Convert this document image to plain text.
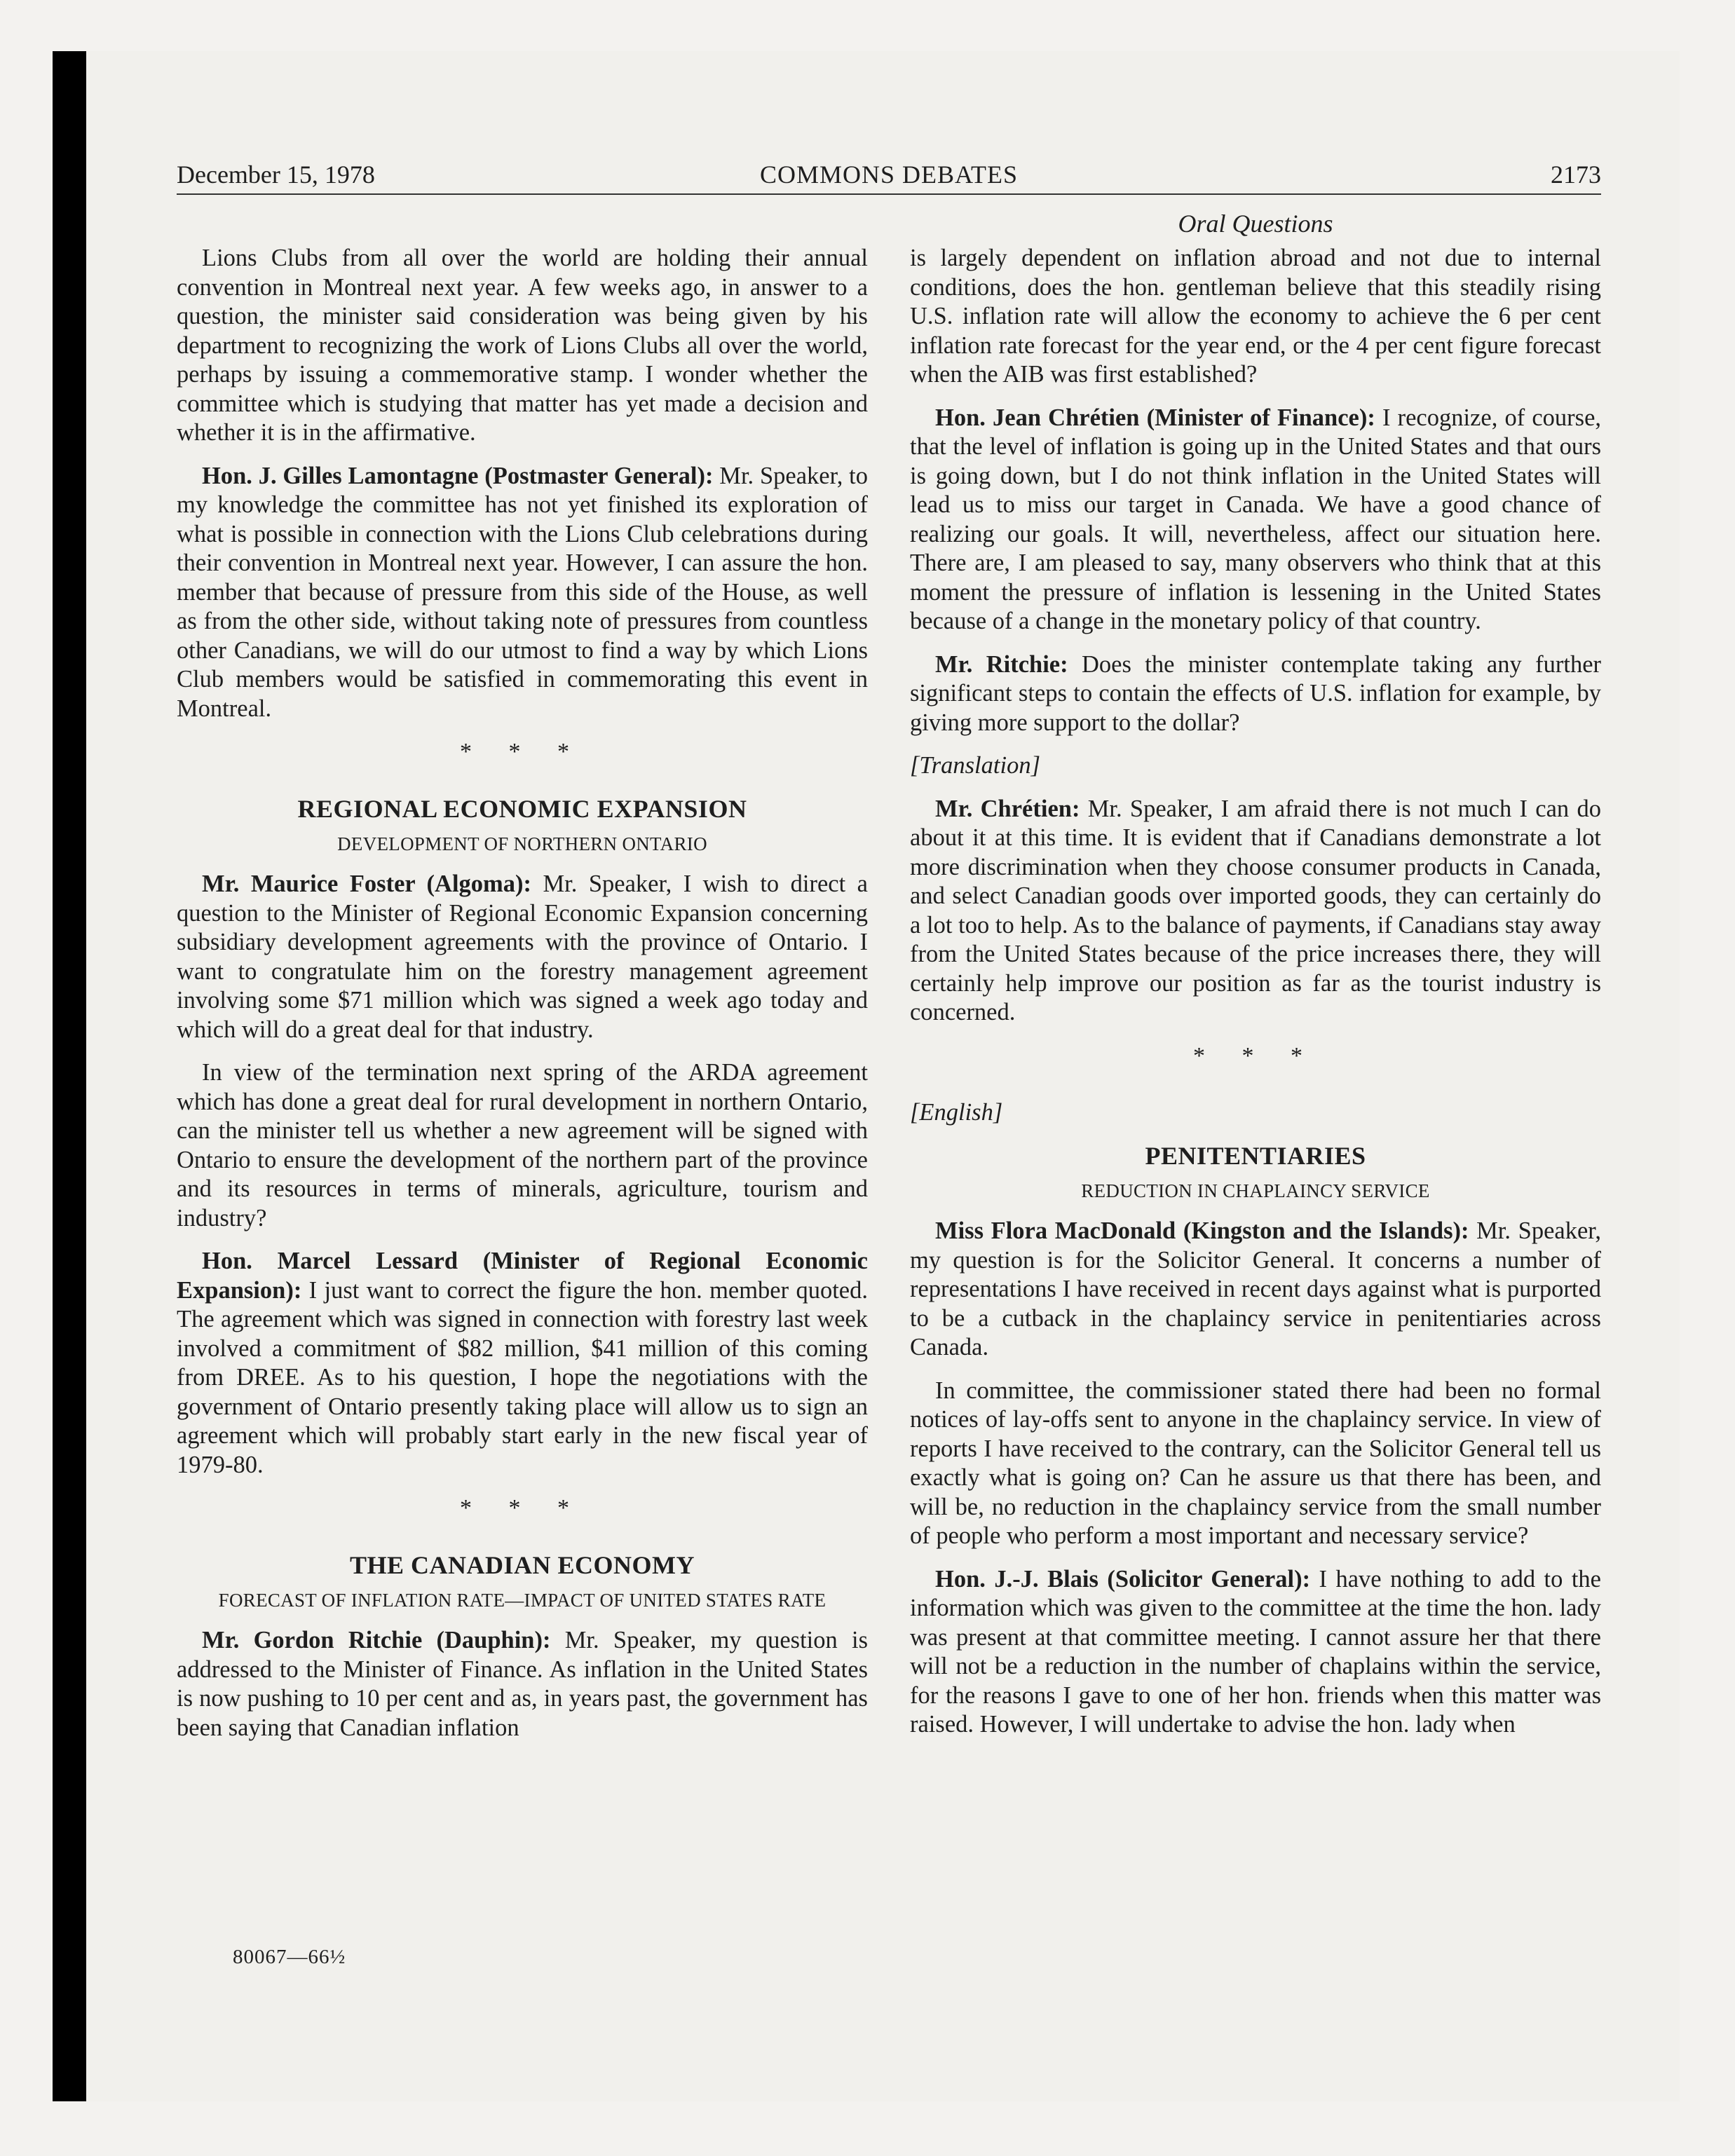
December 15, 1978	COMMONS DEBATES	2173
Oral Questions

Lions Clubs from all over the world are holding their annual convention in Montreal next year. A few weeks ago, in answer to a question, the minister said consideration was being given by his department to recognizing the work of Lions Clubs all over the world, perhaps by issuing a commemorative stamp. I wonder whether the committee which is studying that matter has yet made a decision and whether it is in the affirmative.

Hon. J. Gilles Lamontagne (Postmaster General): Mr. Speaker, to my knowledge the committee has not yet finished its exploration of what is possible in connection with the Lions Club celebrations during their convention in Montreal next year. However, I can assure the hon. member that because of pressure from this side of the House, as well as from the other side, without taking note of pressures from countless other Canadians, we will do our utmost to find a way by which Lions Club members would be satisfied in commemorating this event in Montreal.

* * *
REGIONAL ECONOMIC EXPANSION
DEVELOPMENT OF NORTHERN ONTARIO

Mr. Maurice Foster (Algoma): Mr. Speaker, I wish to direct a question to the Minister of Regional Economic Expansion concerning subsidiary development agreements with the province of Ontario. I want to congratulate him on the forestry management agreement involving some $71 million which was signed a week ago today and which will do a great deal for that industry.

In view of the termination next spring of the ARDA agreement which has done a great deal for rural development in northern Ontario, can the minister tell us whether a new agreement will be signed with Ontario to ensure the development of the northern part of the province and its resources in terms of minerals, agriculture, tourism and industry?

Hon. Marcel Lessard (Minister of Regional Economic Expansion): I just want to correct the figure the hon. member quoted. The agreement which was signed in connection with forestry last week involved a commitment of $82 million, $41 million of this coming from DREE. As to his question, I hope the negotiations with the government of Ontario presently taking place will allow us to sign an agreement which will probably start early in the new fiscal year of 1979-80.

* * *
THE CANADIAN ECONOMY
FORECAST OF INFLATION RATE—IMPACT OF UNITED STATES RATE

Mr. Gordon Ritchie (Dauphin): Mr. Speaker, my question is addressed to the Minister of Finance. As inflation in the United States is now pushing to 10 per cent and as, in years past, the government has been saying that Canadian inflation

is largely dependent on inflation abroad and not due to internal conditions, does the hon. gentleman believe that this steadily rising U.S. inflation rate will allow the economy to achieve the 6 per cent inflation rate forecast for the year end, or the 4 per cent figure forecast when the AIB was first established?

Hon. Jean Chrétien (Minister of Finance): I recognize, of course, that the level of inflation is going up in the United States and that ours is going down, but I do not think inflation in the United States will lead us to miss our target in Canada. We have a good chance of realizing our goals. It will, nevertheless, affect our situation here. There are, I am pleased to say, many observers who think that at this moment the pressure of inflation is lessening in the United States because of a change in the monetary policy of that country.

Mr. Ritchie: Does the minister contemplate taking any further significant steps to contain the effects of U.S. inflation for example, by giving more support to the dollar?

[Translation]

Mr. Chrétien: Mr. Speaker, I am afraid there is not much I can do about it at this time. It is evident that if Canadians demonstrate a lot more discrimination when they choose consumer products in Canada, and select Canadian goods over imported goods, they can certainly do a lot too to help. As to the balance of payments, if Canadians stay away from the United States because of the price increases there, they will certainly help improve our position as far as the tourist industry is concerned.

* * *

[English]

PENITENTIARIES
REDUCTION IN CHAPLAINCY SERVICE

Miss Flora MacDonald (Kingston and the Islands): Mr. Speaker, my question is for the Solicitor General. It concerns a number of representations I have received in recent days against what is purported to be a cutback in the chaplaincy service in penitentiaries across Canada.

In committee, the commissioner stated there had been no formal notices of lay-offs sent to anyone in the chaplaincy service. In view of reports I have received to the contrary, can the Solicitor General tell us exactly what is going on? Can he assure us that there has been, and will be, no reduction in the chaplaincy service from the small number of people who perform a most important and necessary service?

Hon. J.-J. Blais (Solicitor General): I have nothing to add to the information which was given to the committee at the time the hon. lady was present at that committee meeting. I cannot assure her that there will not be a reduction in the number of chaplains within the service, for the reasons I gave to one of her hon. friends when this matter was raised. However, I will undertake to advise the hon. lady when

80067—66½
